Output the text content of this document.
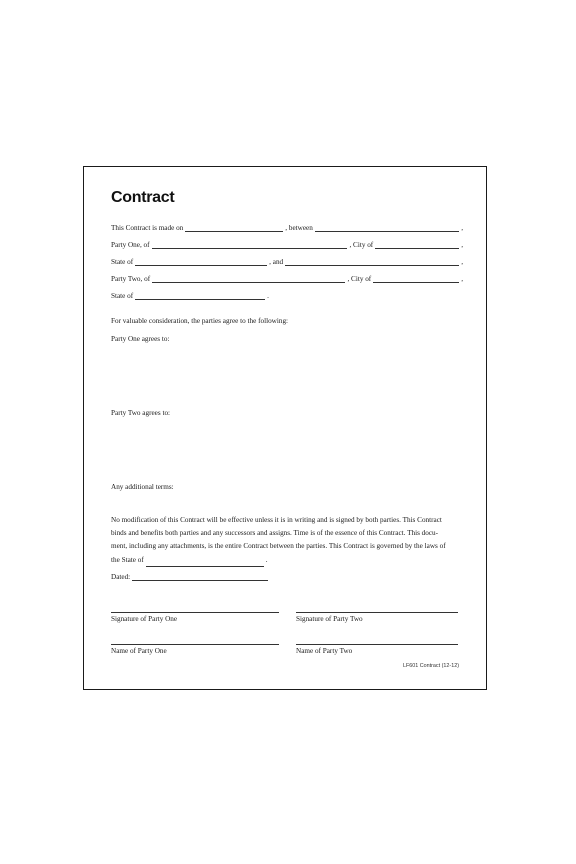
Contract
This Contract is made on	, between	,
Party One, of	, City of	,
State of	, and	,
Party Two, of	, City of	,
State of	.
For valuable consideration, the parties agree to the following:
Party One agrees to:
Party Two agrees to:
Any additional terms:
No modification of this Contract will be effective unless it is in writing and is signed by both parties. This Contract
binds and benefits both parties and any successors and assigns. Time is of the essence of this Contract. This docu-
ment, including any attachments, is the entire Contract between the parties. This Contract is governed by the laws of
the State of	.
Dated:
Signature of Party One	Signature of Party Two
Name of Party One	Name of Party Two
LF601 Contract (12-12)
